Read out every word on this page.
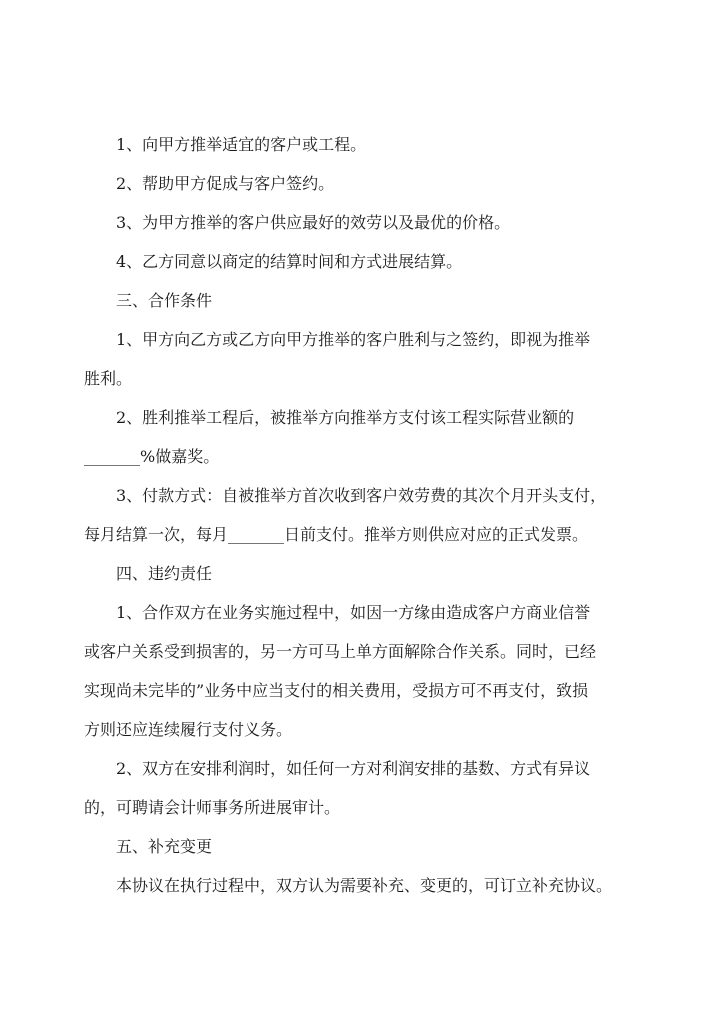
1、向甲方推举适宜的客户或工程。

2、帮助甲方促成与客户签约。

3、为甲方推举的客户供应最好的效劳以及最优的价格。

4、乙方同意以商定的结算时间和方式进展结算。

三、合作条件

1、甲方向乙方或乙方向甲方推举的客户胜利与之签约，即视为推举

胜利。

2、胜利推举工程后，被推举方向推举方支付该工程实际营业额的

_______%做嘉奖。

3、付款方式：自被推举方首次收到客户效劳费的其次个月开头支付，

每月结算一次，每月_______日前支付。推举方则供应对应的正式发票。

四、违约责任

1、合作双方在业务实施过程中，如因一方缘由造成客户方商业信誉

或客户关系受到损害的，另一方可马上单方面解除合作关系。同时，已经

实现尚未完毕的”业务中应当支付的相关费用，受损方可不再支付，致损

方则还应连续履行支付义务。

2、双方在安排利润时，如任何一方对利润安排的基数、方式有异议

的，可聘请会计师事务所进展审计。

五、补充变更

本协议在执行过程中，双方认为需要补充、变更的，可订立补充协议。
